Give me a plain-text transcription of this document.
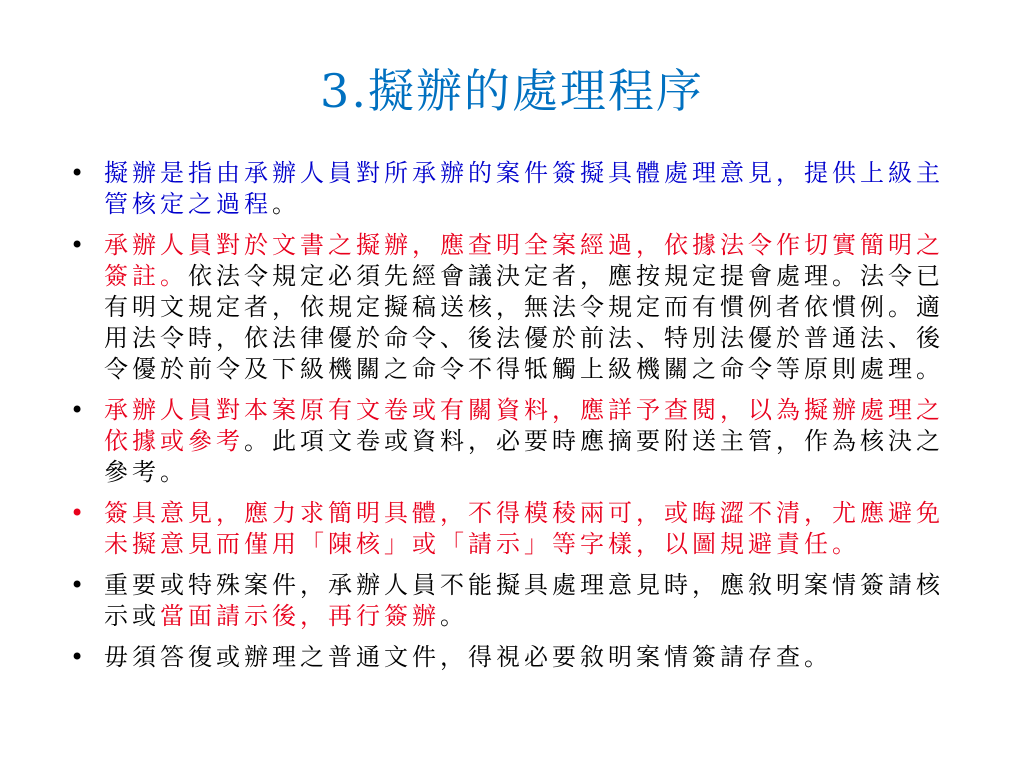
3.擬辦的處理程序
• 擬辦是指由承辦人員對所承辦的案件簽擬具體處理意見，提供上級主管核定之過程。
• 承辦人員對於文書之擬辦，應查明全案經過，依據法令作切實簡明之簽註。依法令規定必須先經會議決定者，應按規定提會處理。法令已有明文規定者，依規定擬稿送核，無法令規定而有慣例者依慣例。適用法令時，依法律優於命令、後法優於前法、特別法優於普通法、後令優於前令及下級機關之命令不得牴觸上級機關之命令等原則處理。
• 承辦人員對本案原有文卷或有關資料，應詳予查閱，以為擬辦處理之依據或參考。此項文卷或資料，必要時應摘要附送主管，作為核決之參考。
• 簽具意見，應力求簡明具體，不得模稜兩可，或晦澀不清，尤應避免未擬意見而僅用「陳核」或「請示」等字樣，以圖規避責任。
• 重要或特殊案件，承辦人員不能擬具處理意見時，應敘明案情簽請核示或當面請示後，再行簽辦。
• 毋須答復或辦理之普通文件，得視必要敘明案情簽請存查。
